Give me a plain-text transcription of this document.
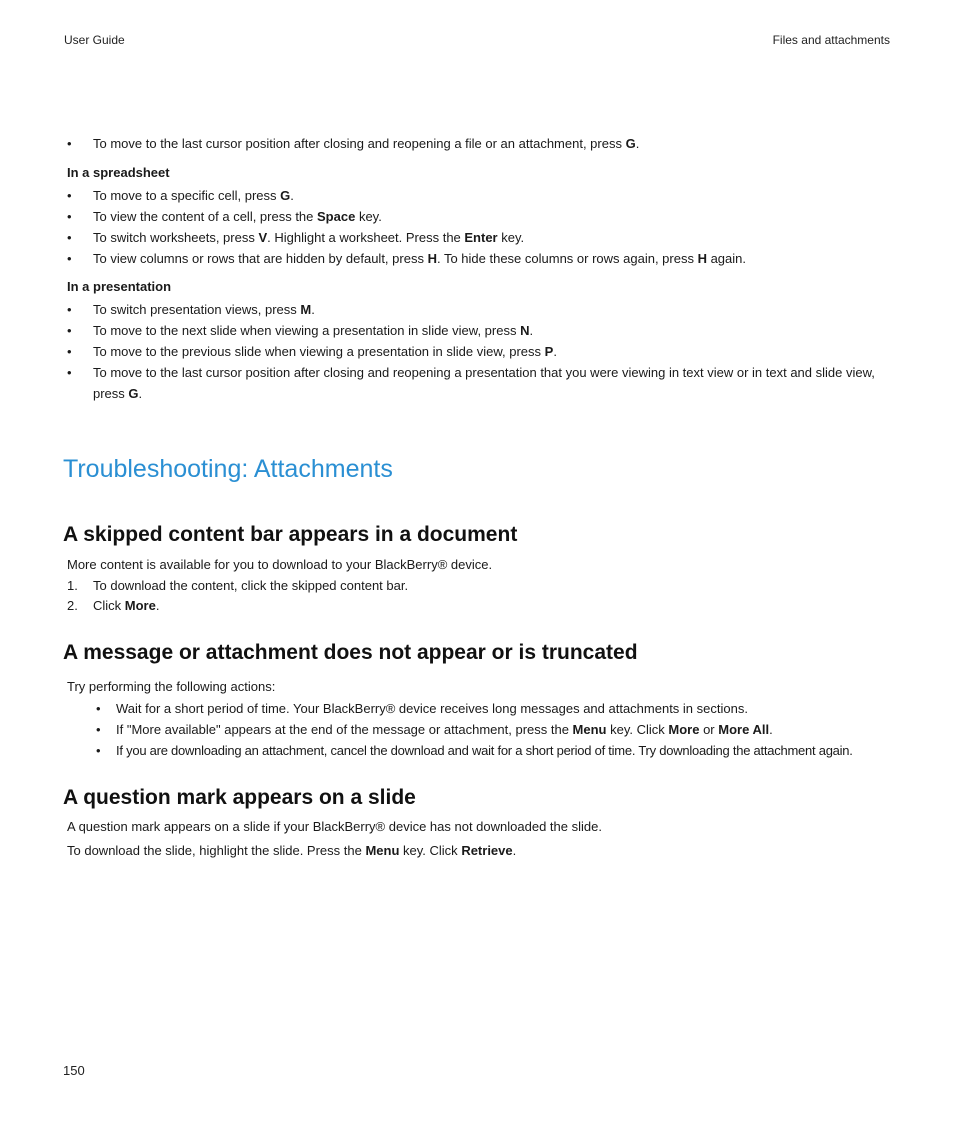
User Guide	Files and attachments
• To move to the last cursor position after closing and reopening a file or an attachment, press G.
In a spreadsheet
• To move to a specific cell, press G.
• To view the content of a cell, press the Space key.
• To switch worksheets, press V. Highlight a worksheet. Press the Enter key.
• To view columns or rows that are hidden by default, press H. To hide these columns or rows again, press H again.
In a presentation
• To switch presentation views, press M.
• To move to the next slide when viewing a presentation in slide view, press N.
• To move to the previous slide when viewing a presentation in slide view, press P.
• To move to the last cursor position after closing and reopening a presentation that you were viewing in text view or in text and slide view, press G.
Troubleshooting: Attachments
A skipped content bar appears in a document

More content is available for you to download to your BlackBerry® device.

1. To download the content, click the skipped content bar.
2. Click More.
A message or attachment does not appear or is truncated

Try performing the following actions:

• Wait for a short period of time. Your BlackBerry® device receives long messages and attachments in sections.
• If "More available" appears at the end of the message or attachment, press the Menu key. Click More or More All.
• If you are downloading an attachment, cancel the download and wait for a short period of time. Try downloading the attachment again.
A question mark appears on a slide

A question mark appears on a slide if your BlackBerry® device has not downloaded the slide.

To download the slide, highlight the slide. Press the Menu key. Click Retrieve.

150
